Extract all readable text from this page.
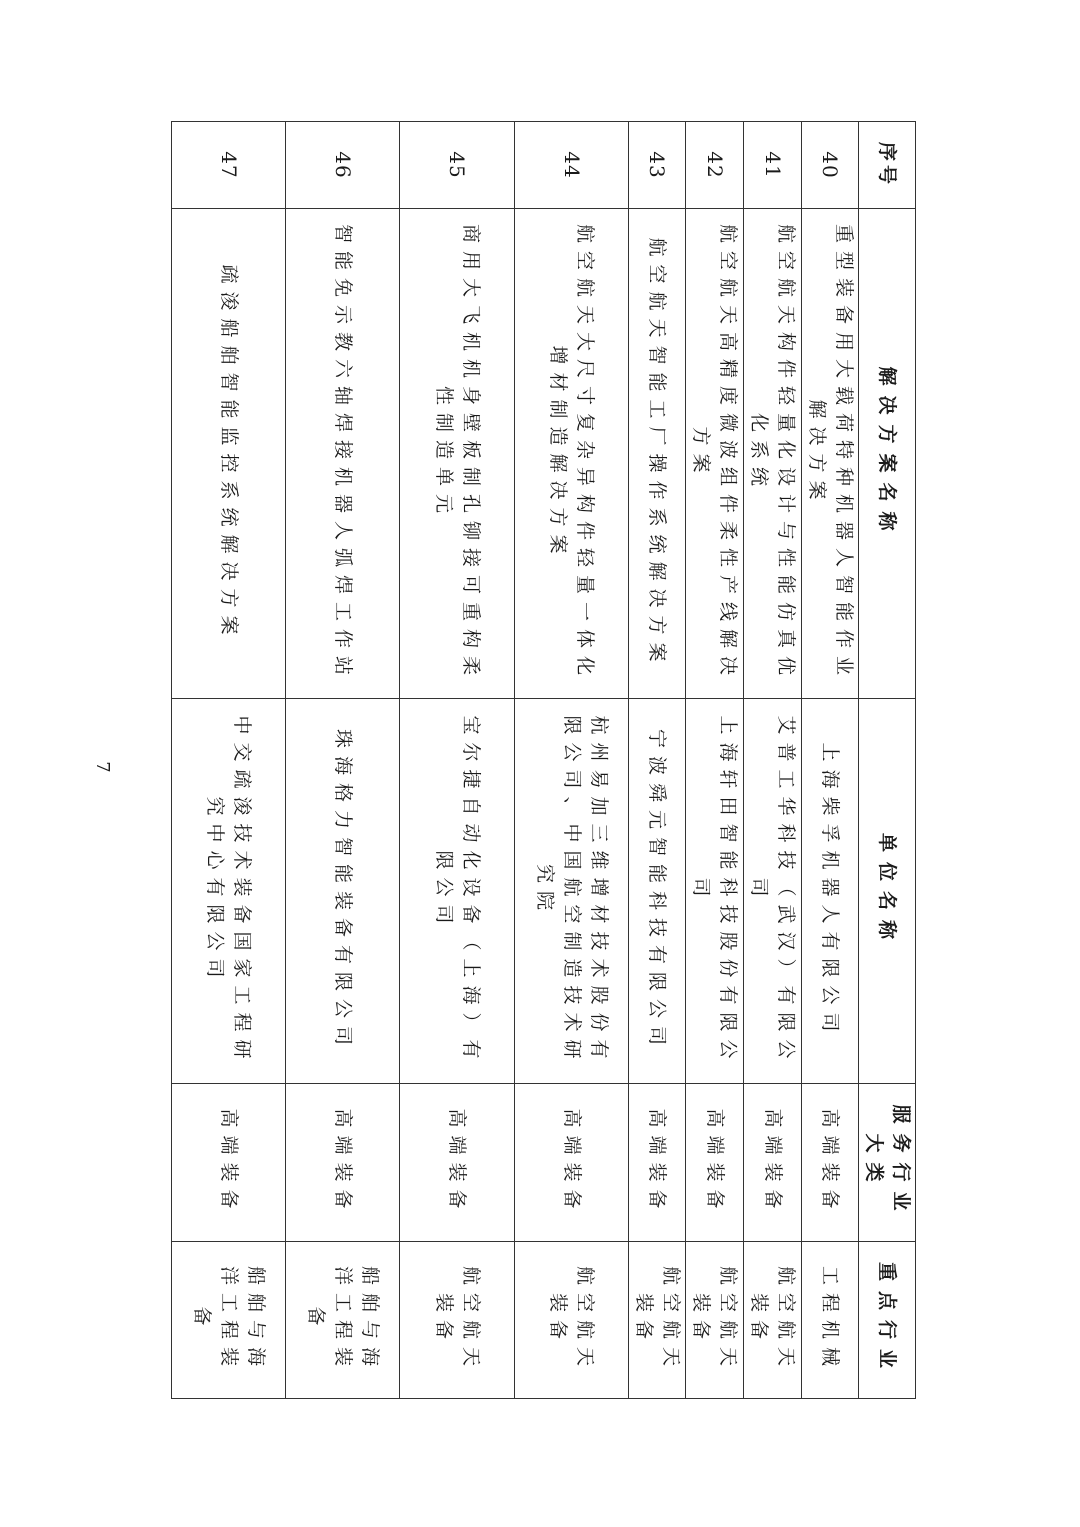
序号	解决方案名称	单位名称	服务行业大类	重点行业
40	重型装备用大载荷特种机器人智能作业解决方案	上海柴孚机器人有限公司	高端装备	工程机械
41	航空航天构件轻量化设计与性能仿真优化系统	艾普工华科技（武汉）有限公司	高端装备	航空航天装备
42	航空航天高精度微波组件柔性产线解决方案	上海轩田智能科技股份有限公司	高端装备	航空航天装备
43	航空航天智能工厂操作系统解决方案	宁波舜元智能科技有限公司	高端装备	航空航天装备
44	航空航天大尺寸复杂异构件轻量一体化增材制造解决方案	杭州易加三维增材技术股份有限公司、中国航空制造技术研究院	高端装备	航空航天装备
45	商用大飞机机身壁板制孔铆接可重构柔性制造单元	宝尔捷自动化设备（上海）有限公司	高端装备	航空航天装备
46	智能免示教六轴焊接机器人弧焊工作站	珠海格力智能装备有限公司	高端装备	船舶与海洋工程装备
47	疏浚船舶智能监控系统解决方案	中交疏浚技术装备国家工程研究中心有限公司	高端装备	船舶与海洋工程装备
7
